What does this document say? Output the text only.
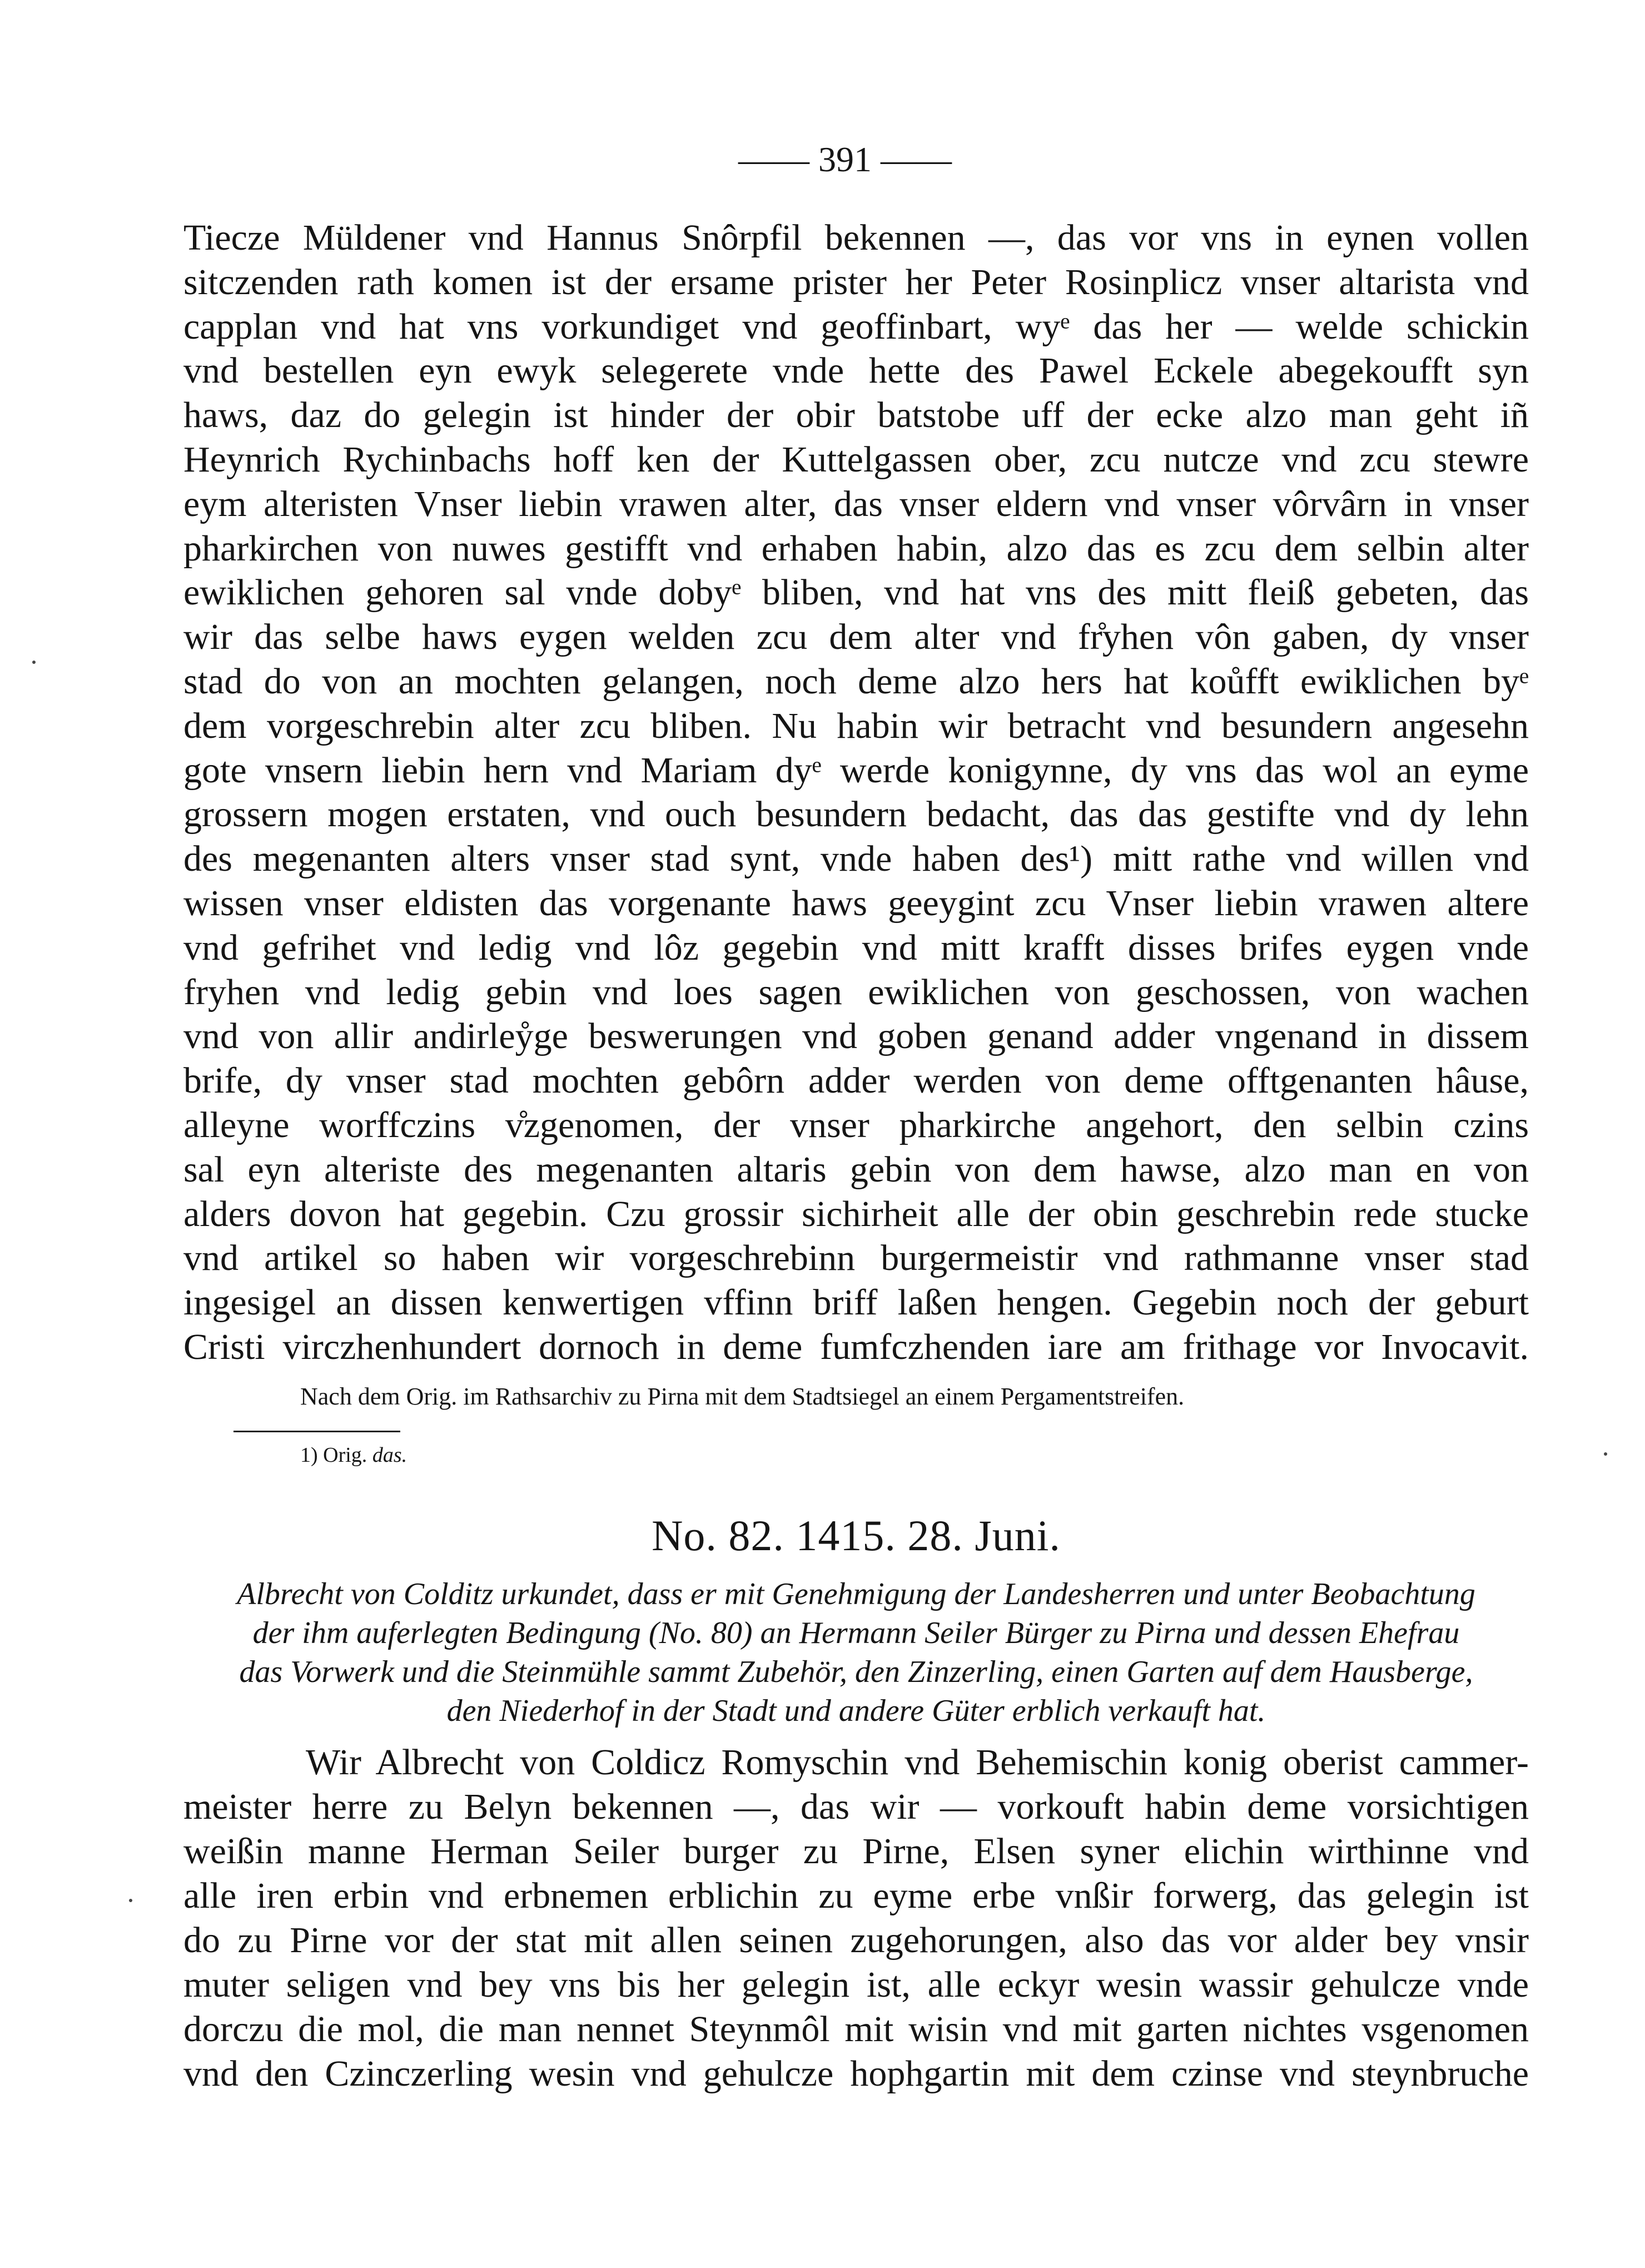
—— 391 ——
Tiecze Müldener vnd Hannus Snôrpfil bekennen —, das vor vns in eynen vollen
sitczenden rath komen ist der ersame prister her Peter Rosinplicz vnser altarista vnd
capplan vnd hat vns vorkundiget vnd geoffinbart, wyᵉ das her — welde schickin
vnd bestellen eyn ewyk selegerete vnde hette des Pawel Eckele abegekoufft syn
haws, daz do gelegin ist hinder der obir batstobe uff der ecke alzo man geht iñ
Heynrich Rychinbachs hoff ken der Kuttelgassen ober, zcu nutcze vnd zcu stewre
eym alteristen Vnser liebin vrawen alter, das vnser eldern vnd vnser vôrvârn in vnser
pharkirchen von nuwes gestifft vnd erhaben habin, alzo das es zcu dem selbin alter
ewiklichen gehoren sal vnde dobyᵉ bliben, vnd hat vns des mitt fleiß gebeten, das
wir das selbe haws eygen welden zcu dem alter vnd fr̊yhen vôn gaben, dy vnser
stad do von an mochten gelangen, noch deme alzo hers hat koůfft ewiklichen byᵉ
dem vorgeschrebin alter zcu bliben. Nu habin wir betracht vnd besundern angesehn
gote vnsern liebin hern vnd Mariam dyᵉ werde konigynne, dy vns das wol an eyme
grossern mogen erstaten, vnd ouch besundern bedacht, das das gestifte vnd dy lehn
des megenanten alters vnser stad synt, vnde haben des¹) mitt rathe vnd willen vnd
wissen vnser eldisten das vorgenante haws geeygint zcu Vnser liebin vrawen altere
vnd gefrihet vnd ledig vnd lôz gegebin vnd mitt krafft disses brifes eygen vnde
fryhen vnd ledig gebin vnd loes sagen ewiklichen von geschossen, von wachen
vnd von allir andirleẙge beswerungen vnd goben genand adder vngenand in dissem
brife, dy vnser stad mochten gebôrn adder werden von deme offtgenanten hâuse,
alleyne worffczins v̊zgenomen, der vnser pharkirche angehort, den selbin czins
sal eyn alteriste des megenanten altaris gebin von dem hawse, alzo man en von
alders dovon hat gegebin. Czu grossir sichirheit alle der obin geschrebin rede stucke
vnd artikel so haben wir vorgeschrebinn burgermeistir vnd rathmanne vnser stad
ingesigel an dissen kenwertigen vffinn briff laßen hengen. Gegebin noch der geburt
Cristi virczhenhundert dornoch in deme fumfczhenden iare am frithage vor Invocavit.
Nach dem Orig. im Rathsarchiv zu Pirna mit dem Stadtsiegel an einem Pergamentstreifen.
1) Orig. das.
No. 82. 1415. 28. Juni.
Albrecht von Colditz urkundet, dass er mit Genehmigung der Landesherren und unter Beobachtung
der ihm auferlegten Bedingung (No. 80) an Hermann Seiler Bürger zu Pirna und dessen Ehefrau
das Vorwerk und die Steinmühle sammt Zubehör, den Zinzerling, einen Garten auf dem Hausberge,
den Niederhof in der Stadt und andere Güter erblich verkauft hat.
Wir Albrecht von Coldicz Romyschin vnd Behemischin konig oberist cammer-
meister herre zu Belyn bekennen —, das wir — vorkouft habin deme vorsichtigen
weißin manne Herman Seiler burger zu Pirne, Elsen syner elichin wirthinne vnd
alle iren erbin vnd erbnemen erblichin zu eyme erbe vnßir forwerg, das gelegin ist
do zu Pirne vor der stat mit allen seinen zugehorungen, also das vor alder bey vnsir
muter seligen vnd bey vns bis her gelegin ist, alle eckyr wesin wassir gehulcze vnde
dorczu die mol, die man nennet Steynmôl mit wisin vnd mit garten nichtes vsgenomen
vnd den Czinczerling wesin vnd gehulcze hophgartin mit dem czinse vnd steynbruche
